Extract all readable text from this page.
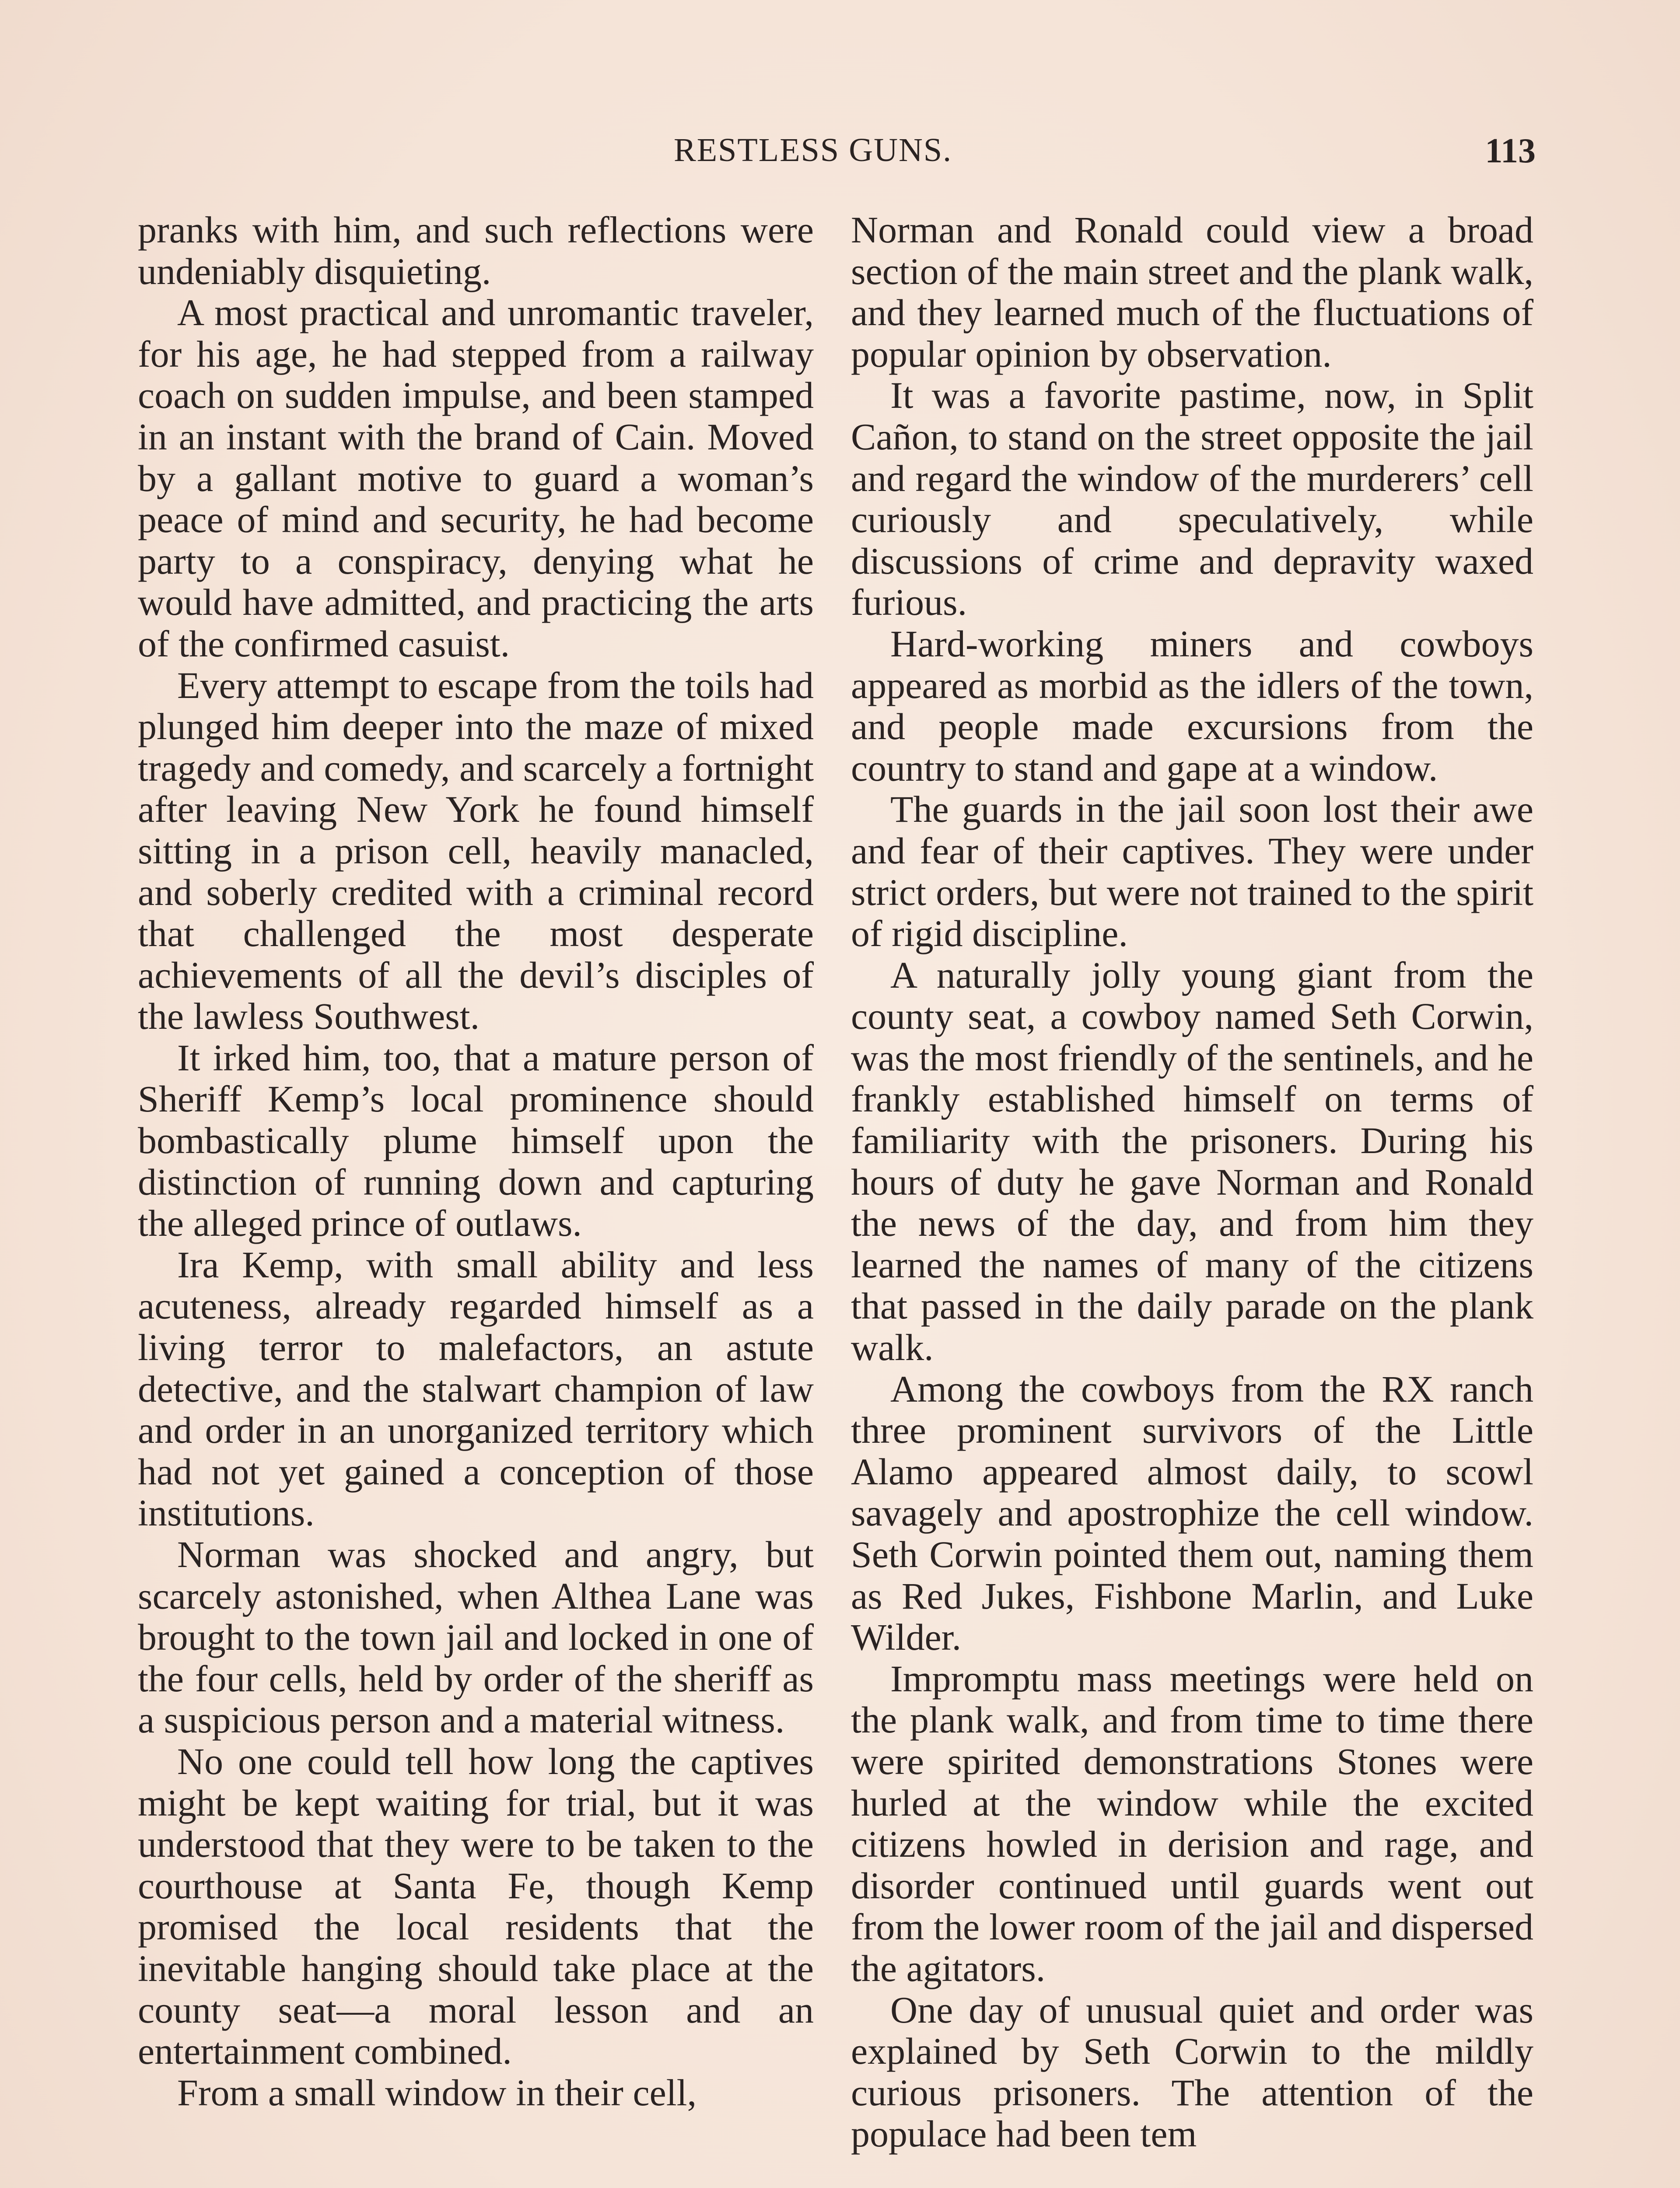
RESTLESS GUNS.	113

pranks with him, and such reflections were undeniably disquieting.

A most practical and unromantic traveler, for his age, he had stepped from a railway coach on sudden impulse, and been stamped in an instant with the brand of Cain. Moved by a gallant motive to guard a woman’s peace of mind and security, he had become party to a conspiracy, denying what he would have admitted, and practicing the arts of the confirmed casuist.

Every attempt to escape from the toils had plunged him deeper into the maze of mixed tragedy and comedy, and scarcely a fortnight after leaving New York he found himself sitting in a prison cell, heavily manacled, and soberly credited with a criminal record that challenged the most desperate achievements of all the devil’s disciples of the lawless Southwest.

It irked him, too, that a mature person of Sheriff Kemp’s local prominence should bombastically plume himself upon the distinction of running down and capturing the alleged prince of outlaws.

Ira Kemp, with small ability and less acuteness, already regarded himself as a living terror to malefactors, an astute detective, and the stalwart champion of law and order in an unorganized territory which had not yet gained a conception of those institutions.

Norman was shocked and angry, but scarcely astonished, when Althea Lane was brought to the town jail and locked in one of the four cells, held by order of the sheriff as a suspicious person and a material witness.

No one could tell how long the captives might be kept waiting for trial, but it was understood that they were to be taken to the courthouse at Santa Fe, though Kemp promised the local residents that the inevitable hanging should take place at the county seat—a moral lesson and an entertainment combined.

From a small window in their cell,

Norman and Ronald could view a broad section of the main street and the plank walk, and they learned much of the fluctuations of popular opinion by observation.

It was a favorite pastime, now, in Split Cañon, to stand on the street opposite the jail and regard the window of the murderers’ cell curiously and speculatively, while discussions of crime and depravity waxed furious.

Hard-working miners and cowboys appeared as morbid as the idlers of the town, and people made excursions from the country to stand and gape at a window.

The guards in the jail soon lost their awe and fear of their captives. They were under strict orders, but were not trained to the spirit of rigid discipline.

A naturally jolly young giant from the county seat, a cowboy named Seth Corwin, was the most friendly of the sentinels, and he frankly established himself on terms of familiarity with the prisoners. During his hours of duty he gave Norman and Ronald the news of the day, and from him they learned the names of many of the citizens that passed in the daily parade on the plank walk.

Among the cowboys from the RX ranch three prominent survivors of the Little Alamo appeared almost daily, to scowl savagely and apostrophize the cell window. Seth Corwin pointed them out, naming them as Red Jukes, Fishbone Marlin, and Luke Wilder.

Impromptu mass meetings were held on the plank walk, and from time to time there were spirited demonstrations Stones were hurled at the window while the excited citizens howled in derision and rage, and disorder continued until guards went out from the lower room of the jail and dispersed the agitators.

One day of unusual quiet and order was explained by Seth Corwin to the mildly curious prisoners. The attention of the populace had been tem
